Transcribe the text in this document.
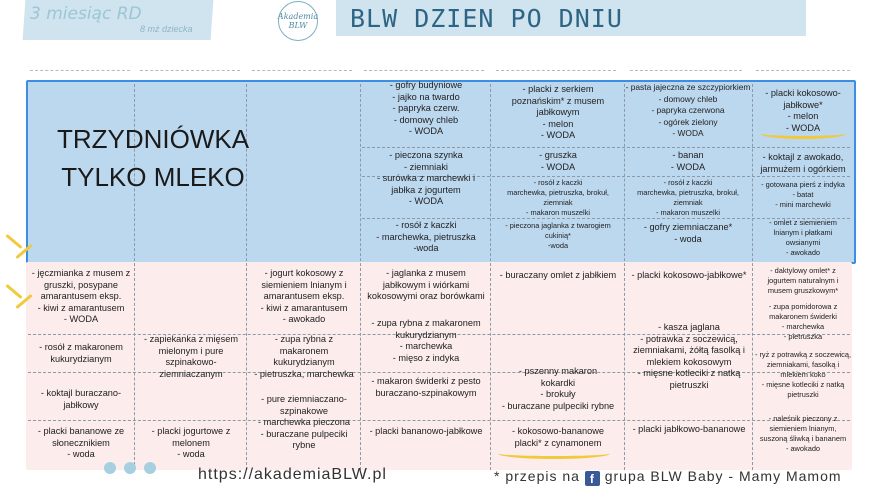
3 miesiąc RD
8 mż dziecka
Akademia
BLW	BLW DZIEN PO DNIU
TRZYDNIÓWKA
TYLKO MLEKO
- gofry budyniowe
- jajko na twardo
- papryka czerw.
- domowy chleb
- WODA
- pieczona szynka
- ziemniaki
- surówka z marchewki i
jabłka z jogurtem
- WODA
- rosół z kaczki
- marchewka, pietruszka
-woda
- placki z serkiem
poznańskim* z musem
jabłkowym
- melon
- WODA
- gruszka
- WODA
- rosół z kaczki
marchewka, pietruszka, brokuł,
ziemniak
- makaron muszelki
- pieczona jaglanka z twarogiem
cukinią*
-woda
- pasta jajeczna ze szczypiorkiem
- domowy chleb
- papryka czerwona
- ogórek zielony
- WODA
- banan
- WODA
- rosół z kaczki
marchewka, pietruszka, brokuł,
ziemniak
- makaron muszelki
- gofry ziemniaczane*
- woda
- placki kokosowo-
jabłkowe*
- melon
- WODA
- koktajl z awokado,
jarmużem i ogórkiem
- gotowana pierś z indyka
- batat
- mini marchewki
- omlet z siemieniem
lnianym i płatkami
owsianymi
- awokado
- jęczmianka z musem z
gruszki, posypane
amarantusem eksp.
- kiwi z amarantusem
- WODA
- rosół z makaronem
kukurydzianym
- koktajl buraczano-
jabłkowy
- placki bananowe ze
słonecznikiem
- woda
- zapiekanka z mięsem
mielonym i pure
szpinakowo-
ziemniaczanym
- placki jogurtowe z
melonem
- woda
- jogurt kokosowy z
siemieniem lnianym i
amarantusem eksp.
- kiwi z amarantusem
- awokado
- zupa rybna z
makaronem
kukurydzianym
- pietruszka, marchewka
- pure ziemniaczano-
szpinakowe
- marchewka pieczona
- buraczane pulpeciki
rybne
- jaglanka z musem
jabłkowym i wiórkami
kokosowymi oraz borówkami
- zupa rybna z makaronem
kukurydzianym
- marchewka
- mięso z indyka
- makaron świderki z pesto
buraczano-szpinakowym
- placki bananowo-jabłkowe
- buraczany omlet z jabłkiem
- pszenny makaron
kokardki
- brokuły
- buraczane pulpeciki rybne
- kokosowo-bananowe
placki* z cynamonem
- placki kokosowo-jabłkowe*
- kasza jaglana
- potrawka z soczewicą,
ziemniakami, żółtą fasolką i
mlekiem kokosowym
- mięsne kotleciki z natką
pietruszki
- placki jabłkowo-bananowe
- daktylowy omlet* z
jogurtem naturalnym i
musem gruszkowym*
- zupa pomidorowa z
makaronem świderki
- marchewka
- pietruszka
- ryż z potrawką z soczewicą,
ziemniakami, fasolką i
mlekiem koko
- mięsne kotleciki z natką
pietruszki
- naleśnik pieczony z
siemieniem lnianym,
suszoną śliwką i bananem
- awokado
https://akademiaBLW.pl	* przepis na f grupa BLW Baby - Mamy Mamom
